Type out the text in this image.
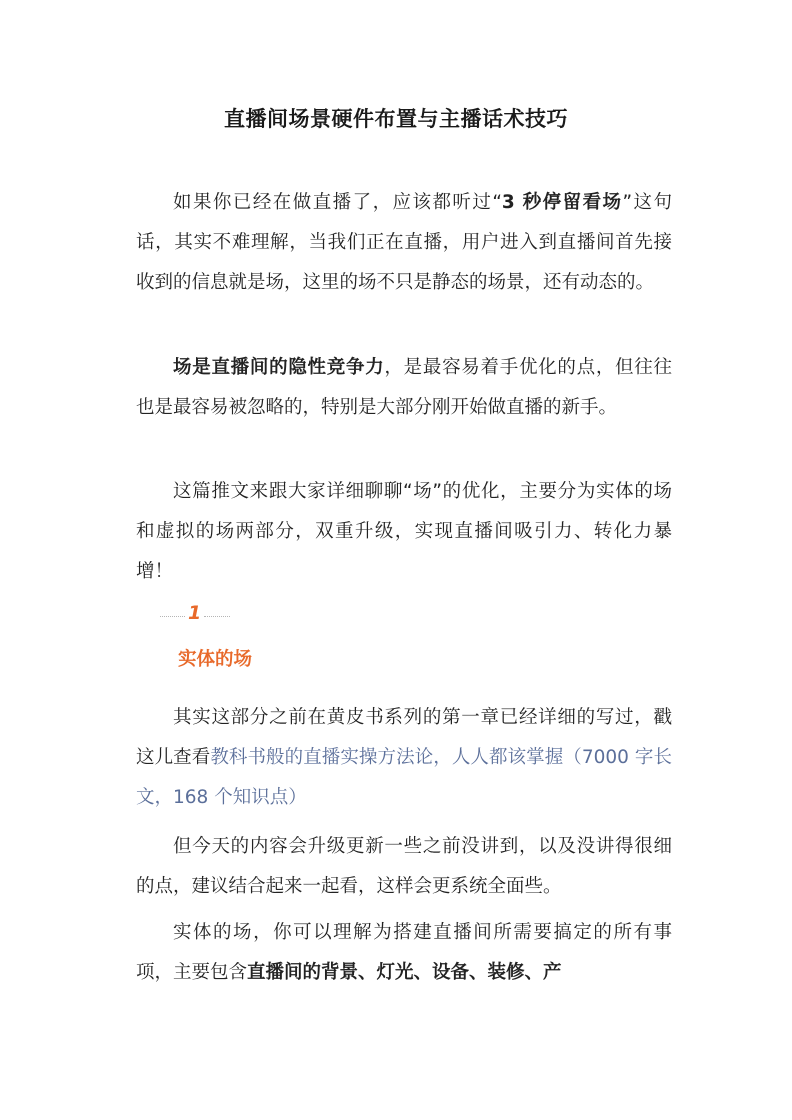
直播间场景硬件布置与主播话术技巧
如果你已经在做直播了，应该都听过“3 秒停留看场”这句话，其实不难理解，当我们正在直播，用户进入到直播间首先接收到的信息就是场，这里的场不只是静态的场景，还有动态的。
场是直播间的隐性竞争力，是最容易着手优化的点，但往往也是最容易被忽略的，特别是大部分刚开始做直播的新手。
这篇推文来跟大家详细聊聊“场”的优化，主要分为实体的场和虚拟的场两部分，双重升级，实现直播间吸引力、转化力暴增！
1
实体的场
其实这部分之前在黄皮书系列的第一章已经详细的写过，戳这儿查看教科书般的直播实操方法论，人人都该掌握（7000 字长文，168 个知识点）
但今天的内容会升级更新一些之前没讲到，以及没讲得很细的点，建议结合起来一起看，这样会更系统全面些。
实体的场，你可以理解为搭建直播间所需要搞定的所有事项，主要包含直播间的背景、灯光、设备、装修、产
